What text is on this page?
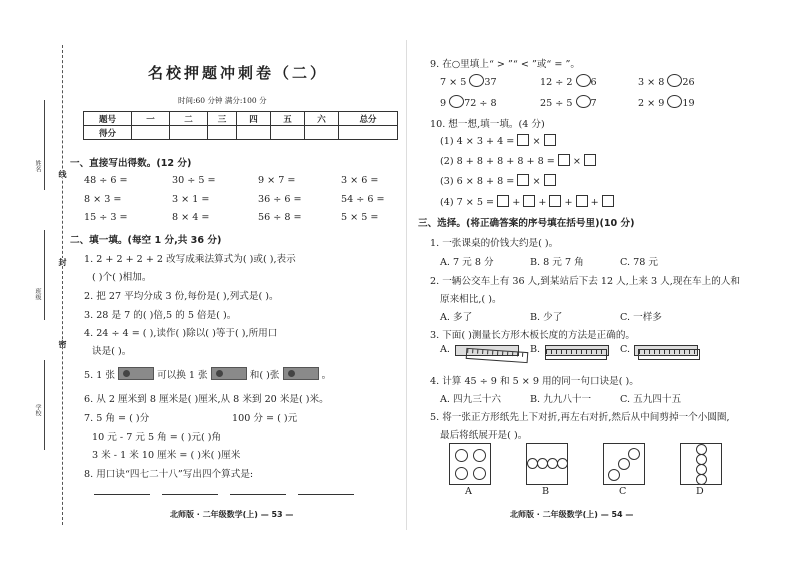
姓名
班级
学校
线
封
密
名校押题冲刺卷（二）
时间:60 分钟 满分:100 分
题号	一	二	三	四	五	六	总分
得分							
一、直接写出得数。(12 分)
48 ÷ 6 =	30 ÷ 5 =	9 × 7 =	3 × 6 =
8 × 3 =	3 × 1 =	36 ÷ 6 =	54 ÷ 6 =
15 ÷ 3 =	8 × 4 =	56 ÷ 8 =	5 × 5 =
二、填一填。(每空 1 分,共 36 分)
1. 2 + 2 + 2 + 2 改写成乘法算式为( )或( ),表示
( )个( )相加。
2. 把 27 平均分成 3 份,每份是( ),列式是( )。
3. 28 是 7 的( )倍,5 的 5 倍是( )。
4. 24 ÷ 4 = ( ),读作( )除以( )等于( ),所用口
诀是( )。
5. 1 张	可以换 1 张	和( )张	。
6. 从 2 厘米到 8 厘米是( )厘米,从 8 米到 20 米是( )米。
7. 5 角 = ( )分	100 分 = ( )元
10 元 - 7 元 5 角 = ( )元( )角
3 米 - 1 米 10 厘米 = ( )米( )厘米
8. 用口诀“四七二十八”写出四个算式是:
北师版 · 二年级数学(上) — 53 —
9. 在○里填上“ > ”“ < ”或“ = ”。
7 × 5 37	12 ÷ 2 6	3 × 8 26
9 72 ÷ 8	25 ÷ 5 7	2 × 9 19
10. 想一想,填一填。(4 分)
(1) 4 × 3 + 4 =  ×
(2) 8 + 8 + 8 + 8 + 8 =  ×
(3) 6 × 8 + 8 =  ×
(4) 7 × 5 =  +  +  +  +
三、选择。(将正确答案的序号填在括号里)(10 分)
1. 一张课桌的价钱大约是( )。
A. 7 元 8 分	B. 8 元 7 角	C. 78 元
2. 一辆公交车上有 36 人,到某站后下去 12 人,上来 3 人,现在车上的人和
原来相比,( )。
A. 多了	B. 少了	C. 一样多
3. 下面( )测量长方形木板长度的方法是正确的。
A.	B.	C.
4. 计算 45 ÷ 9 和 5 × 9 用的同一句口诀是( )。
A. 四九三十六	B. 九九八十一	C. 五九四十五
5. 将一张正方形纸先上下对折,再左右对折,然后从中间剪掉一个小圆圈,
最后将纸展开是( )。
A	B	C	D
北师版 · 二年级数学(上) — 54 —
